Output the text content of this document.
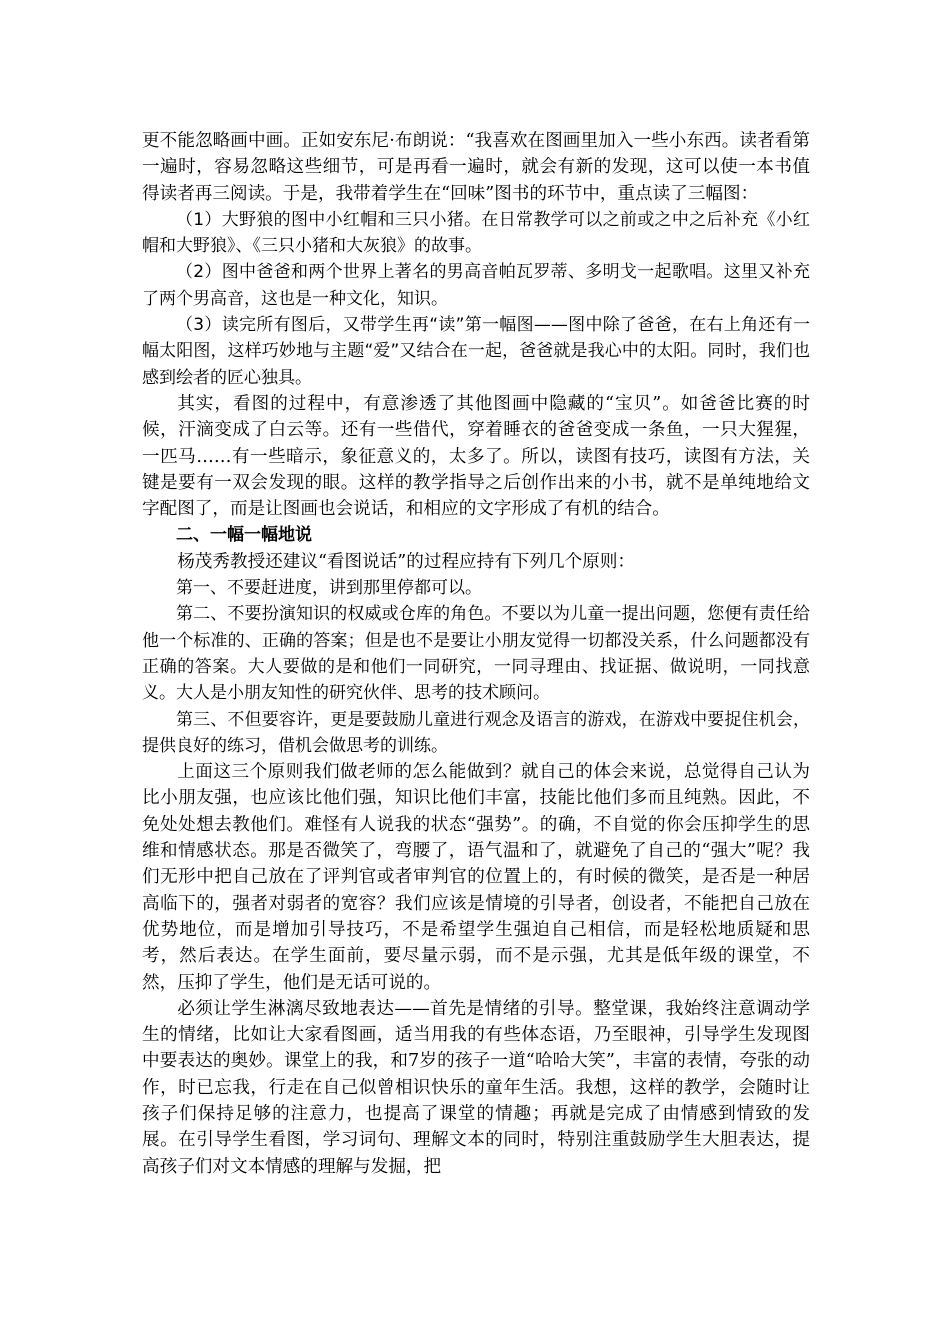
更不能忽略画中画。正如安东尼·布朗说：“我喜欢在图画里加入一些小东西。读者看第一遍时，容易忽略这些细节，可是再看一遍时，就会有新的发现，这可以使一本书值得读者再三阅读。于是，我带着学生在“回味”图书的环节中，重点读了三幅图：

（1）大野狼的图中小红帽和三只小猪。在日常教学可以之前或之中之后补充《小红帽和大野狼》、《三只小猪和大灰狼》的故事。

（2）图中爸爸和两个世界上著名的男高音帕瓦罗蒂、多明戈一起歌唱。这里又补充了两个男高音，这也是一种文化，知识。

（3）读完所有图后，又带学生再“读”第一幅图——图中除了爸爸，在右上角还有一幅太阳图，这样巧妙地与主题“爱”又结合在一起，爸爸就是我心中的太阳。同时，我们也感到绘者的匠心独具。

其实，看图的过程中，有意渗透了其他图画中隐藏的“宝贝”。如爸爸比赛的时候，汗滴变成了白云等。还有一些借代，穿着睡衣的爸爸变成一条鱼，一只大猩猩，一匹马……有一些暗示，象征意义的，太多了。所以，读图有技巧，读图有方法，关键是要有一双会发现的眼。这样的教学指导之后创作出来的小书，就不是单纯地给文字配图了，而是让图画也会说话，和相应的文字形成了有机的结合。

二、一幅一幅地说

杨茂秀教授还建议“看图说话”的过程应持有下列几个原则：

第一、不要赶进度，讲到那里停都可以。

第二、不要扮演知识的权威或仓库的角色。不要以为儿童一提出问题，您便有责任给他一个标准的、正确的答案；但是也不是要让小朋友觉得一切都没关系，什么问题都没有正确的答案。大人要做的是和他们一同研究，一同寻理由、找证据、做说明，一同找意义。大人是小朋友知性的研究伙伴、思考的技术顾问。

第三、不但要容许，更是要鼓励儿童进行观念及语言的游戏，在游戏中要捉住机会，提供良好的练习，借机会做思考的训练。

上面这三个原则我们做老师的怎么能做到？就自己的体会来说，总觉得自己认为比小朋友强，也应该比他们强，知识比他们丰富，技能比他们多而且纯熟。因此，不免处处想去教他们。难怪有人说我的状态“强势”。的确，不自觉的你会压抑学生的思维和情感状态。那是否微笑了，弯腰了，语气温和了，就避免了自己的“强大”呢？我们无形中把自己放在了评判官或者审判官的位置上的，有时候的微笑，是否是一种居高临下的，强者对弱者的宽容？我们应该是情境的引导者，创设者，不能把自己放在优势地位，而是增加引导技巧，不是希望学生强迫自己相信，而是轻松地质疑和思考，然后表达。在学生面前，要尽量示弱，而不是示强，尤其是低年级的课堂，不然，压抑了学生，他们是无话可说的。

必须让学生淋漓尽致地表达——首先是情绪的引导。整堂课，我始终注意调动学生的情绪，比如让大家看图画，适当用我的有些体态语，乃至眼神，引导学生发现图中要表达的奥妙。课堂上的我，和7岁的孩子一道“哈哈大笑”，丰富的表情，夸张的动作，时已忘我，行走在自己似曾相识快乐的童年生活。我想，这样的教学，会随时让孩子们保持足够的注意力，也提高了课堂的情趣；再就是完成了由情感到情致的发展。在引导学生看图，学习词句、理解文本的同时，特别注重鼓励学生大胆表达，提高孩子们对文本情感的理解与发掘，把
